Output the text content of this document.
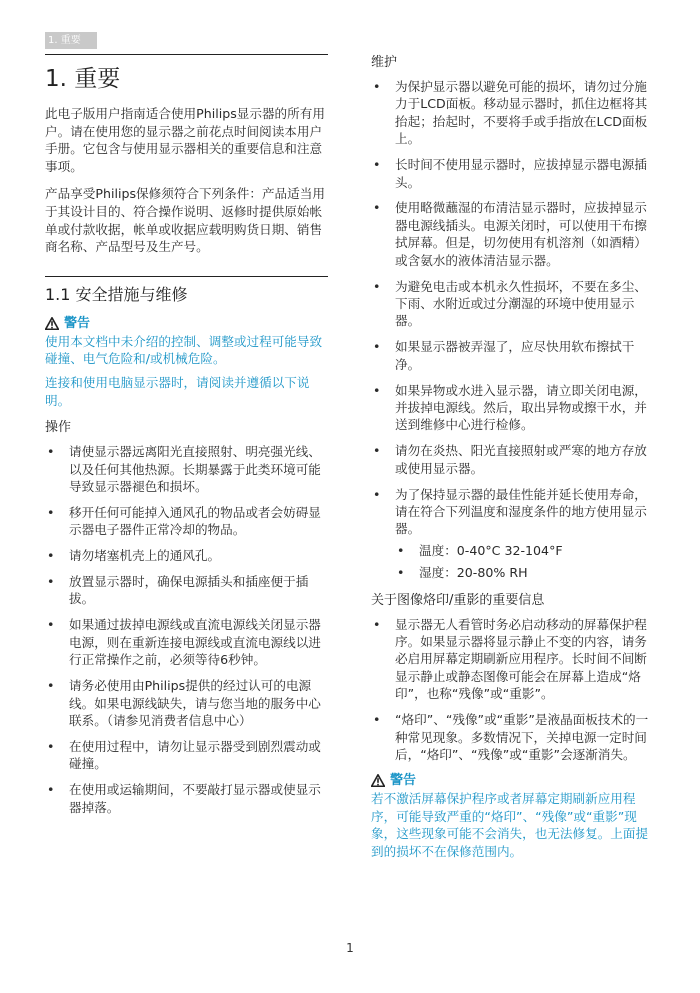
1. 重要
1. 重要

此电子版用户指南适合使用Philips显示器的所有用户。请在使用您的显示器之前花点时间阅读本用户手册。它包含与使用显示器相关的重要信息和注意事项。

产品享受Philips保修须符合下列条件：产品适当用于其设计目的、符合操作说明、返修时提供原始帐单或付款收据，帐单或收据应载明购货日期、销售商名称、产品型号及生产号。

1.1 安全措施与维修
警告

使用本文档中未介绍的控制、调整或过程可能导致碰撞、电气危险和/或机械危险。

连接和使用电脑显示器时，请阅读并遵循以下说明。

操作
• 请使显示器远离阳光直接照射、明亮强光线、以及任何其他热源。长期暴露于此类环境可能导致显示器褪色和损坏。
• 移开任何可能掉入通风孔的物品或者会妨碍显示器电子器件正常冷却的物品。
• 请勿堵塞机壳上的通风孔。
• 放置显示器时，确保电源插头和插座便于插拔。
• 如果通过拔掉电源线或直流电源线关闭显示器电源，则在重新连接电源线或直流电源线以进行正常操作之前，必须等待6秒钟。
• 请务必使用由Philips提供的经过认可的电源线。如果电源线缺失，请与您当地的服务中心联系。（请参见消费者信息中心）
• 在使用过程中，请勿让显示器受到剧烈震动或碰撞。
• 在使用或运输期间，不要敲打显示器或使显示器掉落。
维护
• 为保护显示器以避免可能的损坏，请勿过分施力于LCD面板。移动显示器时，抓住边框将其抬起；抬起时，不要将手或手指放在LCD面板上。
• 长时间不使用显示器时，应拔掉显示器电源插头。
• 使用略微蘸湿的布清洁显示器时，应拔掉显示器电源线插头。电源关闭时，可以使用干布擦拭屏幕。但是，切勿使用有机溶剂（如酒精）或含氨水的液体清洁显示器。
• 为避免电击或本机永久性损坏，不要在多尘、下雨、水附近或过分潮湿的环境中使用显示器。
• 如果显示器被弄湿了，应尽快用软布擦拭干净。
• 如果异物或水进入显示器，请立即关闭电源，并拔掉电源线。然后，取出异物或擦干水，并送到维修中心进行检修。
• 请勿在炎热、阳光直接照射或严寒的地方存放或使用显示器。
• 为了保持显示器的最佳性能并延长使用寿命，请在符合下列温度和湿度条件的地方使用显示器。
• 温度：0-40°C 32-104°F
• 湿度：20-80% RH
关于图像烙印/重影的重要信息
• 显示器无人看管时务必启动移动的屏幕保护程序。如果显示器将显示静止不变的内容，请务必启用屏幕定期刷新应用程序。长时间不间断显示静止或静态图像可能会在屏幕上造成“烙印”，也称“残像”或“重影”。
• “烙印”、“残像”或“重影”是液晶面板技术的一种常见现象。多数情况下，关掉电源一定时间后，“烙印”、“残像”或“重影”会逐渐消失。
警告

若不激活屏幕保护程序或者屏幕定期刷新应用程序，可能导致严重的“烙印”、“残像”或“重影”现象，这些现象可能不会消失，也无法修复。上面提到的损坏不在保修范围内。

1
